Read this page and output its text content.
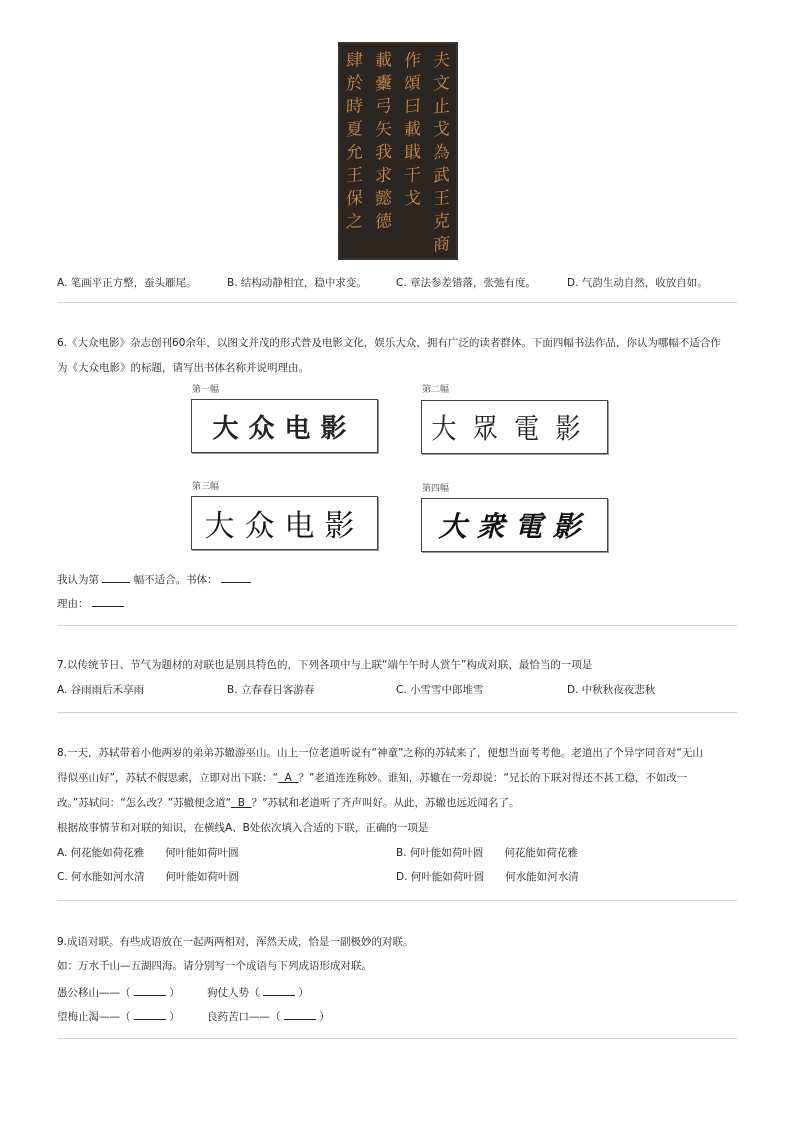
夫
文
止
戈
為
武
王
克
商
作
頌
曰
載
戢
干
戈
載
櫜
弓
矢
我
求
懿
德
肆
於
時
夏
允
王
保
之
A. 笔画平正方整，蚕头雁尾。	B. 结构动静相宜，稳中求变。	C. 章法参差错落，张弛有度。	D. 气韵生动自然，收放自如。
6.《大众电影》杂志创刊60余年，以图文并茂的形式普及电影文化，娱乐大众，拥有广泛的读者群体。下面四幅书法作品，你认为哪幅不适合作
为《大众电影》的标题，请写出书体名称并说明理由。
第一幅
大众电影
第二幅
大眾電影
第三幅
大众电影
第四幅
大衆電影
我认为第	幅不适合。书体：
理由：
7.以传统节日、节气为题材的对联也是别具特色的，下列各项中与上联“端午午时人赏午”构成对联，最恰当的一项是
A. 谷雨雨后禾享雨	B. 立春春日客游春	C. 小雪雪中郎堆雪	D. 中秋秋夜夜悲秋
8.一天，苏轼带着小他两岁的弟弟苏辙游巫山。山上一位老道听说有“神童”之称的苏轼来了，便想当面考考他。老道出了个异字同音对“无山
得似巫山好”，苏轼不假思索，立即对出下联：“ A ？”老道连连称妙。谁知，苏辙在一旁却说：“兄长的下联对得还不甚工稳，不如改一
改。”苏轼问：“怎么改？”苏辙便念道“ B ？”苏轼和老道听了齐声叫好。从此，苏辙也远近闻名了。
根据故事情节和对联的知识，在横线A、B处依次填入合适的下联，正确的一项是
A. 何花能如荷花雅　　何叶能如荷叶圆	B. 何叶能如荷叶圆　　何花能如荷花雅
C. 何水能如河水清　　何叶能如荷叶圆	D. 何叶能如荷叶圆　　何水能如河水清
9.成语对联。有些成语放在一起两两相对，浑然天成，恰是一副极妙的对联。
如：万水千山—五湖四海。请分别写一个成语与下列成语形成对联。
愚公移山——（	）	狗仗人势（	）
望梅止渴——（	）	良药苦口——（	）
